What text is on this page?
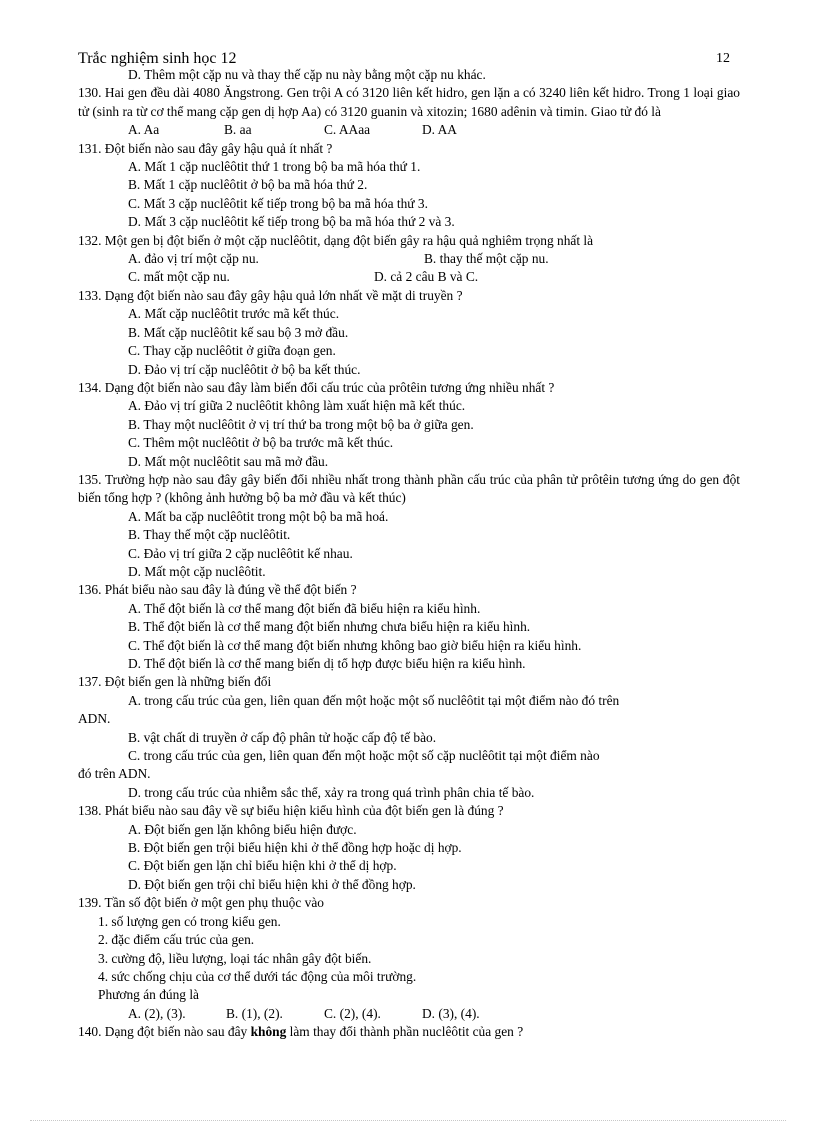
Trắc nghiệm sinh học 12	12
D. Thêm một cặp nu và thay thế cặp nu này bằng một cặp nu khác.
130. Hai gen đều dài 4080 Ăngstrong. Gen trội A có 3120 liên kết hidro, gen lặn a có 3240 liên kết hidro. Trong 1 loại giao tử (sinh ra từ cơ thể mang cặp gen dị hợp Aa) có 3120 guanin và xitozin; 1680 adênin và timin. Giao tử đó là
A. Aa	B. aa	C. AAaa	D. AA
131. Đột biến nào sau đây gây hậu quả ít nhất ?
A. Mất 1 cặp nuclêôtit thứ 1 trong bộ ba mã hóa thứ 1.
B. Mất 1 cặp nuclêôtit ở bộ ba mã hóa thứ 2.
C. Mất 3 cặp nuclêôtit kế tiếp trong bộ ba mã hóa thứ 3.
D. Mất 3 cặp nuclêôtit kế tiếp trong bộ ba mã hóa thứ 2 và 3.
132. Một gen bị đột biến ở một cặp nuclêôtit, dạng đột biến gây ra hậu quả nghiêm trọng nhất là
A. đảo vị trí một cặp nu.	B. thay thế một cặp nu.
C. mất một cặp nu.	D. cả 2 câu B và C.
133. Dạng đột biến nào sau đây gây hậu quả lớn nhất về mặt di truyền ?
A. Mất cặp nuclêôtit trước mã kết thúc.
B. Mất cặp nuclêôtit kế sau bộ 3 mở đầu.
C. Thay cặp nuclêôtit ở giữa đoạn gen.
D. Đảo vị trí cặp nuclêôtit ở bộ ba kết thúc.
134. Dạng đột biến nào sau đây làm biến đổi cấu trúc của prôtêin tương ứng nhiều nhất ?
A. Đảo vị trí giữa 2 nuclêôtit không làm xuất hiện mã kết thúc.
B. Thay một nuclêôtit ở vị trí thứ ba trong một bộ ba ở giữa gen.
C. Thêm một nuclêôtit ở bộ ba trước mã kết thúc.
D. Mất một nuclêôtit sau mã mở đầu.
135. Trường hợp nào sau đây gây biến đổi nhiều nhất trong thành phần cấu trúc của phân tử prôtêin tương ứng do gen đột biến tổng hợp ? (không ảnh hưởng bộ ba mở đầu và kết thúc)
A. Mất ba cặp nuclêôtit trong một bộ ba mã hoá.
B. Thay thế một cặp nuclêôtit.
C. Đảo vị trí giữa 2 cặp nuclêôtit kế nhau.
D. Mất một cặp nuclêôtit.
136. Phát biểu nào sau đây là đúng về thể đột biến ?
A. Thể đột biến là cơ thể mang đột biến đã biểu hiện ra kiểu hình.
B. Thể đột biến là cơ thể mang đột biến nhưng chưa biểu hiện ra kiểu hình.
C. Thể đột biến là cơ thể mang đột biến nhưng không bao giờ biểu hiện ra kiểu hình.
D. Thể đột biến là cơ thể mang biến dị tổ hợp được biểu hiện ra kiểu hình.
137. Đột biến gen là những biến đổi
A. trong cấu trúc của gen, liên quan đến một hoặc một số nuclêôtit tại một điểm nào đó trên
ADN.
B. vật chất di truyền ở cấp độ phân tử hoặc cấp độ tế bào.
C. trong cấu trúc của gen, liên quan đến một hoặc một số cặp nuclêôtit tại một điểm nào
đó trên ADN.
D. trong cấu trúc của nhiễm sắc thể, xảy ra trong quá trình phân chia tế bào.
138. Phát biểu nào sau đây về sự biểu hiện kiểu hình của đột biến gen là đúng ?
A. Đột biến gen lặn không biểu hiện được.
B. Đột biến gen trội biểu hiện khi ở thể đồng hợp hoặc dị hợp.
C. Đột biến gen lặn chỉ biểu hiện khi ở thể dị hợp.
D. Đột biến gen trội chỉ biểu hiện khi ở thể đồng hợp.
139. Tần số đột biến ở một gen phụ thuộc vào
1. số lượng gen có trong kiểu gen.
2. đặc điểm cấu trúc của gen.
3. cường độ, liều lượng, loại tác nhân gây đột biến.
4. sức chống chịu của cơ thể dưới tác động của môi trường.
Phương án đúng là
A. (2), (3).	B. (1), (2).	C. (2), (4).	D. (3), (4).
140. Dạng đột biến nào sau đây không làm thay đổi thành phần nuclêôtit của gen ?
